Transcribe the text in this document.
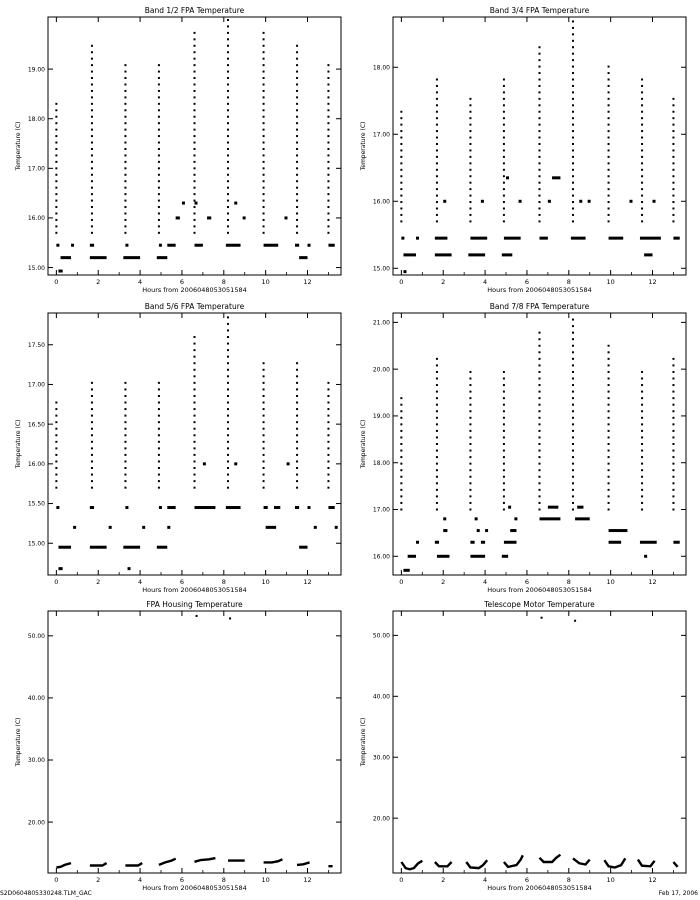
Band 1/2 FPA Temperature
Hours from 2006048053051584
Temperature (C)
0	2	4	6	8	10	12
15.00
16.00
17.00
18.00
19.00
Band 3/4 FPA Temperature
Hours from 2006048053051584
Temperature (C)
0	2	4	6	8	10	12
15.00
16.00
17.00
18.00
Band 5/6 FPA Temperature
Hours from 2006048053051584
Temperature (C)
0	2	4	6	8	10	12
15.00
15.50
16.00
16.50
17.00
17.50
Band 7/8 FPA Temperature
Hours from 2006048053051584
Temperature (C)
0	2	4	6	8	10	12
16.00
17.00
18.00
19.00
20.00
21.00
FPA Housing Temperature
Hours from 2006048053051584
Temperature (C)
0	2	4	6	8	10	12
20.00
30.00
40.00
50.00
Telescope Motor Temperature
Hours from 2006048053051584
Temperature (C)
0	2	4	6	8	10	12
20.00
30.00
40.00
50.00
S2D0604805330248.TLM_GAC	Feb 17, 2006
